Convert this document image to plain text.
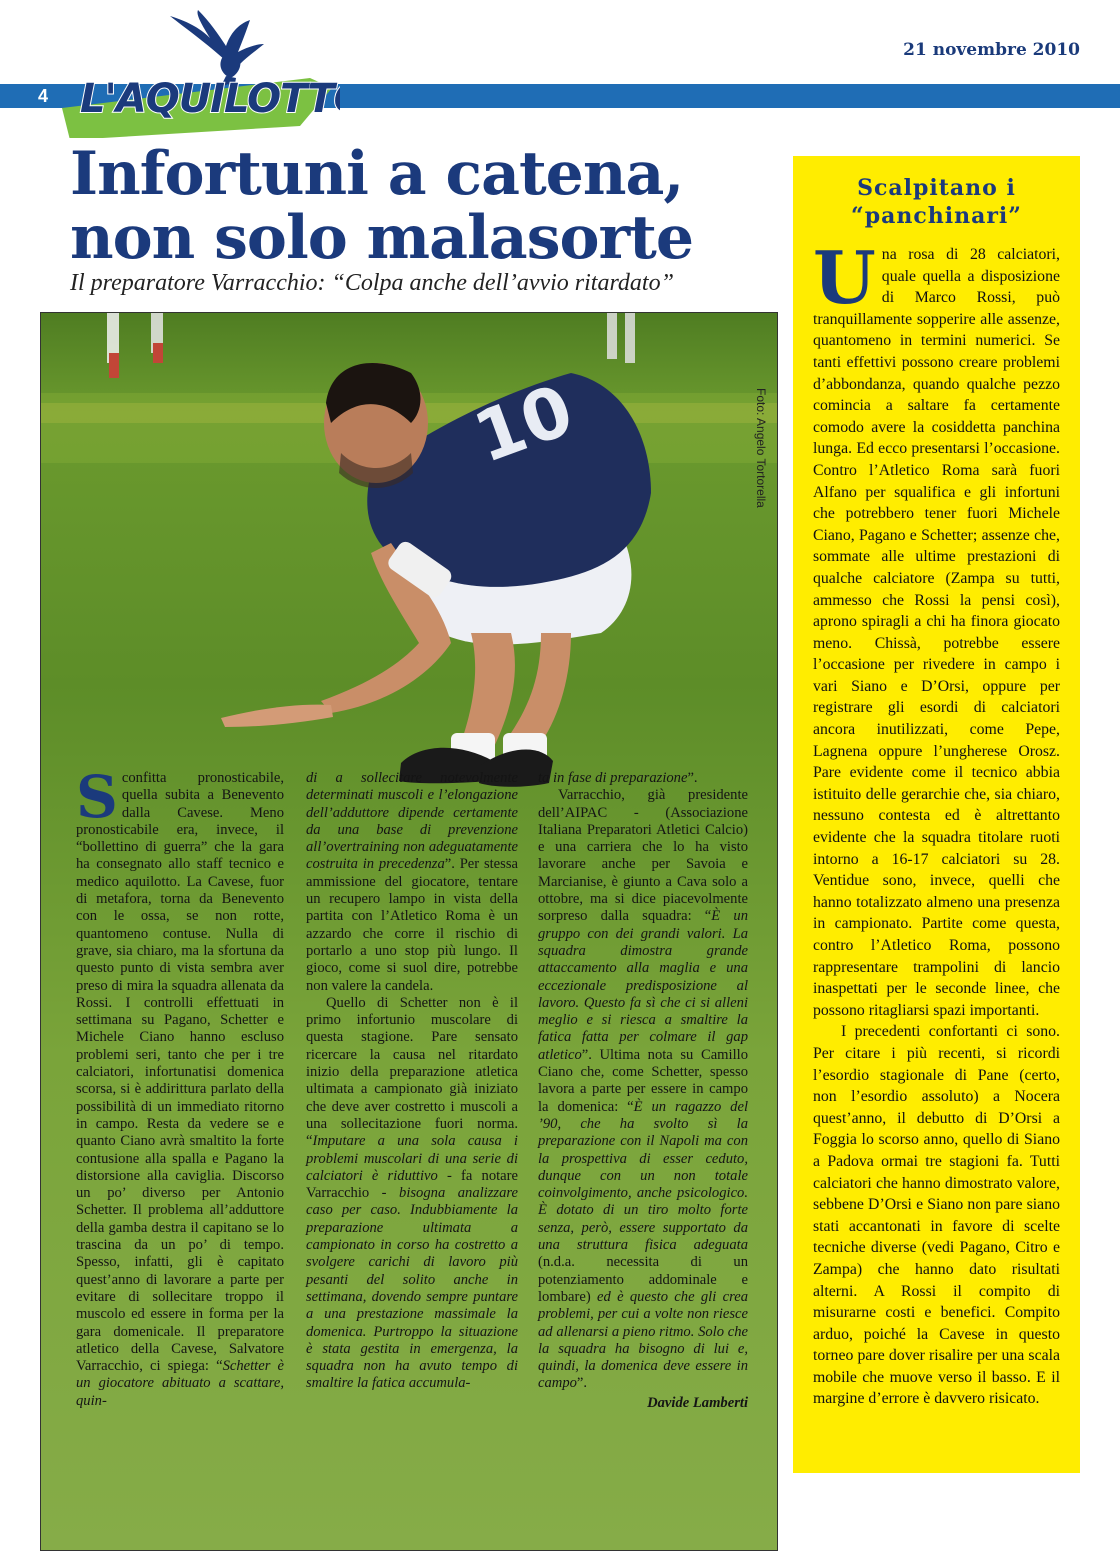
4
21 novembre 2010
L'AQUILOTTO
Infortuni a catena,
non solo malasorte

Il preparatore Varracchio: “Colpa anche dell’avvio ritardato”

10	Foto: Angelo Tortorella

Sconfitta pronosticabile, quella subita a Benevento dalla Cavese. Meno pronosticabile era, invece, il “bollettino di guerra” che la gara ha consegnato allo staff tecnico e medico aquilotto. La Cavese, fuor di metafora, torna da Benevento con le ossa, se non rotte, quantomeno contuse. Nulla di grave, sia chiaro, ma la sfortuna da questo punto di vista sembra aver preso di mira la squadra allenata da Rossi. I controlli effettuati in settimana su Pagano, Schetter e Michele Ciano hanno escluso problemi seri, tanto che per i tre calciatori, infortunatisi domenica scorsa, si è addirittura parlato della possibilità di un immediato ritorno in campo. Resta da vedere se e quanto Ciano avrà smaltito la forte contusione alla spalla e Pagano la distorsione alla caviglia. Discorso un po’ diverso per Antonio Schetter. Il problema all’adduttore della gamba destra il capitano se lo trascina da un po’ di tempo. Spesso, infatti, gli è capitato quest’anno di lavorare a parte per evitare di sollecitare troppo il muscolo ed essere in forma per la gara domenicale. Il preparatore atletico della Cavese, Salvatore Varracchio, ci spiega: “Schetter è un giocatore abituato a scattare, quin-

di a sollecitare notevolmente determinati muscoli e l’elongazione dell’adduttore dipende certamente da una base di prevenzione all’overtraining non adeguatamente costruita in precedenza”. Per stessa ammissione del giocatore, tentare un recupero lampo in vista della partita con l’Atletico Roma è un azzardo che corre il rischio di portarlo a uno stop più lungo. Il gioco, come si suol dire, potrebbe non valere la candela.

Quello di Schetter non è il primo infortunio muscolare di questa stagione. Pare sensato ricercare la causa nel ritardato inizio della preparazione atletica ultimata a campionato già iniziato che deve aver costretto i muscoli a una sollecitazione fuori norma. “Imputare a una sola causa i problemi muscolari di una serie di calciatori è riduttivo - fa notare Varracchio - bisogna analizzare caso per caso. Indubbiamente la preparazione ultimata a campionato in corso ha costretto a svolgere carichi di lavoro più pesanti del solito anche in settimana, dovendo sempre puntare a una prestazione massimale la domenica. Purtroppo la situazione è stata gestita in emergenza, la squadra non ha avuto tempo di smaltire la fatica accumula-

ta in fase di preparazione”.

Varracchio, già presidente dell’AIPAC - (Associazione Italiana Preparatori Atletici Calcio) e una carriera che lo ha visto lavorare anche per Savoia e Marcianise, è giunto a Cava solo a ottobre, ma si dice piacevolmente sorpreso dalla squadra: “È un gruppo con dei grandi valori. La squadra dimostra grande attaccamento alla maglia e una eccezionale predisposizione al lavoro. Questo fa sì che ci si alleni meglio e si riesca a smaltire la fatica fatta per colmare il gap atletico”. Ultima nota su Camillo Ciano che, come Schetter, spesso lavora a parte per essere in campo la domenica: “È un ragazzo del ’90, che ha svolto sì la preparazione con il Napoli ma con la prospettiva di esser ceduto, dunque con un non totale coinvolgimento, anche psicologico. È dotato di un tiro molto forte senza, però, essere supportato da una struttura fisica adeguata (n.d.a. necessita di un potenziamento addominale e lombare) ed è questo che gli crea problemi, per cui a volte non riesce ad allenarsi a pieno ritmo. Solo che la squadra ha bisogno di lui e, quindi, la domenica deve essere in campo”.

Davide Lamberti

Scalpitano i
“panchinari”

Una rosa di 28 calciatori, quale quella a disposizione di Marco Rossi, può tranquillamente sopperire alle assenze, quantomeno in termini numerici. Se tanti effettivi possono creare problemi d’abbondanza, quando qualche pezzo comincia a saltare fa certamente comodo avere la cosiddetta panchina lunga. Ed ecco presentarsi l’occasione. Contro l’Atletico Roma sarà fuori Alfano per squalifica e gli infortuni che potrebbero tener fuori Michele Ciano, Pagano e Schetter; assenze che, sommate alle ultime prestazioni di qualche calciatore (Zampa su tutti, ammesso che Rossi la pensi così), aprono spiragli a chi ha finora giocato meno. Chissà, potrebbe essere l’occasione per rivedere in campo i vari Siano e D’Orsi, oppure per registrare gli esordi di calciatori ancora inutilizzati, come Pepe, Lagnena oppure l’ungherese Orosz. Pare evidente come il tecnico abbia istituito delle gerarchie che, sia chiaro, nessuno contesta ed è altrettanto evidente che la squadra titolare ruoti intorno a 16-17 calciatori su 28. Ventidue sono, invece, quelli che hanno totalizzato almeno una presenza in campionato. Partite come questa, contro l’Atletico Roma, possono rappresentare trampolini di lancio inaspettati per le seconde linee, che possono ritagliarsi spazi importanti.

I precedenti confortanti ci sono. Per citare i più recenti, si ricordi l’esordio stagionale di Pane (certo, non l’esordio assoluto) a Nocera quest’anno, il debutto di D’Orsi a Foggia lo scorso anno, quello di Siano a Padova ormai tre stagioni fa. Tutti calciatori che hanno dimostrato valore, sebbene D’Orsi e Siano non pare siano stati accantonati in favore di scelte tecniche diverse (vedi Pagano, Citro e Zampa) che hanno dato risultati alterni. A Rossi il compito di misurarne costi e benefici. Compito arduo, poiché la Cavese in questo torneo pare dover risalire per una scala mobile che muove verso il basso. E il margine d’errore è davvero risicato.
